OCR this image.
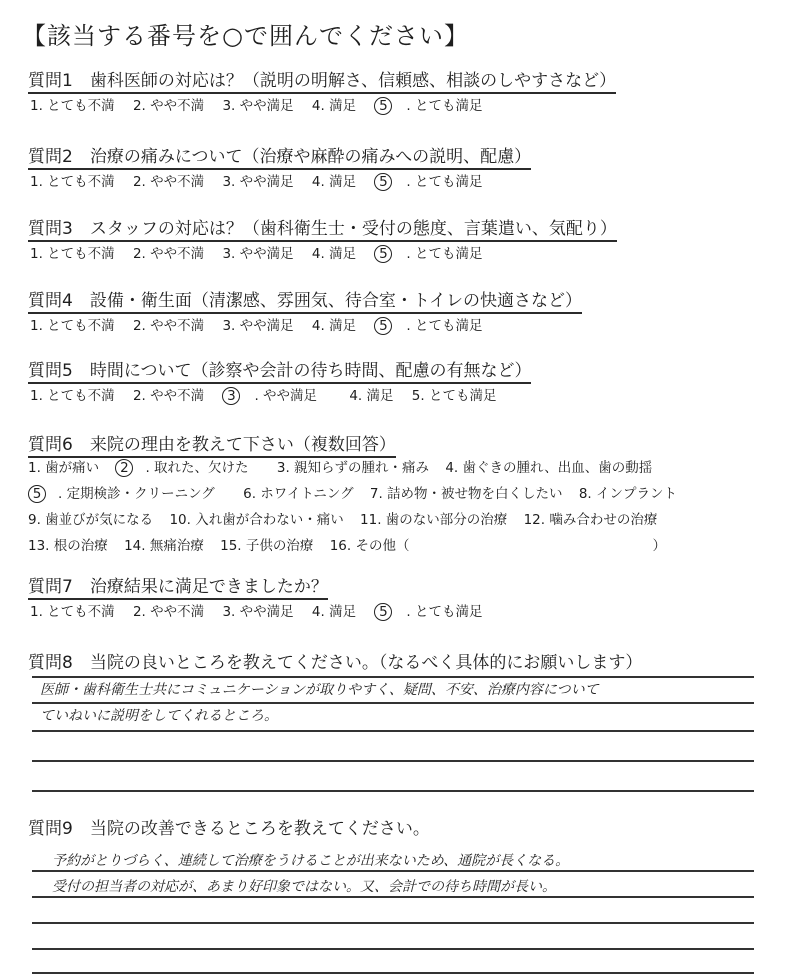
【該当する番号を○で囲んでください】
質問1　歯科医師の対応は？（説明の明解さ、信頼感、相談のしやすさなど）
1. とても不満 2. やや不満 3. やや満足 4. 満足 5 . とても満足
質問2　治療の痛みについて（治療や麻酔の痛みへの説明、配慮）
1. とても不満 2. やや不満 3. やや満足 4. 満足 5 . とても満足
質問3　スタッフの対応は？（歯科衛生士・受付の態度、言葉遣い、気配り）
1. とても不満 2. やや不満 3. やや満足 4. 満足 5 . とても満足
質問4　設備・衛生面（清潔感、雰囲気、待合室・トイレの快適さなど）
1. とても不満 2. やや不満 3. やや満足 4. 満足 5 . とても満足
質問5　時間について（診察や会計の待ち時間、配慮の有無など）
1. とても不満 2. やや不満 3 . やや満足 4. 満足 5. とても満足
質問6　来院の理由を教えて下さい（複数回答）
1. 歯が痛い 2 . 取れた、欠けた 3. 親知らずの腫れ・痛み 4. 歯ぐきの腫れ、出血、歯の動揺
5 . 定期検診・クリーニング 6. ホワイトニング 7. 詰め物・被せ物を白くしたい 8. インプラント
9. 歯並びが気になる 10. 入れ歯が合わない・痛い 11. 歯のない部分の治療 12. 噛み合わせの治療
13. 根の治療 14. 無痛治療 15. 子供の治療 16. その他（　　　　　　　　　　　　　　　　　　）
質問7　治療結果に満足できましたか？
1. とても不満 2. やや不満 3. やや満足 4. 満足 5 . とても満足
質問8　当院の良いところを教えてください。（なるべく具体的にお願いします）
医師・歯科衛生士共にコミュニケーションが取りやすく、疑問、不安、治療内容について
ていねいに説明をしてくれるところ。
質問9　当院の改善できるところを教えてください。
予約がとりづらく、連続して治療をうけることが出来ないため、通院が長くなる。
受付の担当者の対応が、あまり好印象ではない。又、会計での待ち時間が長い。
